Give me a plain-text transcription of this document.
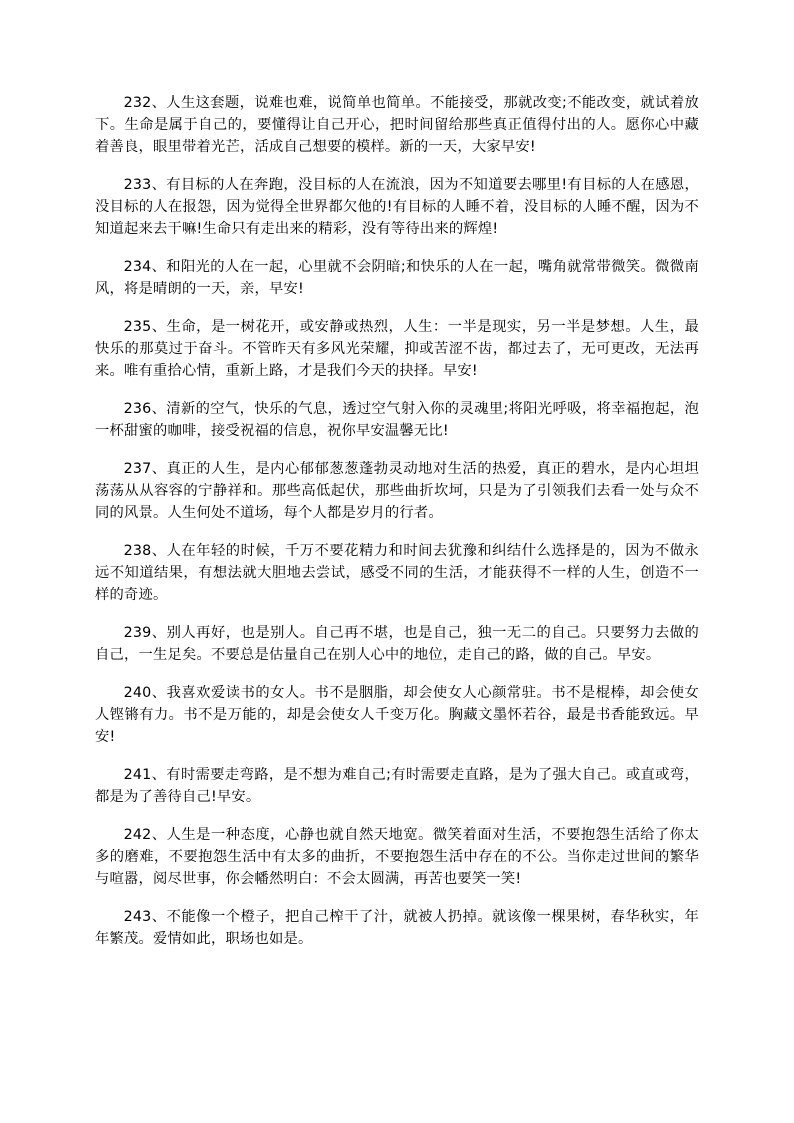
232、人生这套题，说难也难，说简单也简单。不能接受，那就改变;不能改变，就试着放下。生命是属于自己的，要懂得让自己开心，把时间留给那些真正值得付出的人。愿你心中藏着善良，眼里带着光芒，活成自己想要的模样。新的一天，大家早安!

233、有目标的人在奔跑，没目标的人在流浪，因为不知道要去哪里!有目标的人在感恩，没目标的人在报怨，因为觉得全世界都欠他的!有目标的人睡不着，没目标的人睡不醒，因为不知道起来去干嘛!生命只有走出来的精彩，没有等待出来的辉煌!

234、和阳光的人在一起，心里就不会阴暗;和快乐的人在一起，嘴角就常带微笑。微微南风，将是晴朗的一天，亲，早安!

235、生命，是一树花开，或安静或热烈，人生：一半是现实，另一半是梦想。人生，最快乐的那莫过于奋斗。不管昨天有多风光荣耀，抑或苦涩不齿，都过去了，无可更改，无法再来。唯有重拾心情，重新上路，才是我们今天的抉择。早安!

236、清新的空气，快乐的气息，透过空气射入你的灵魂里;将阳光呼吸，将幸福抱起，泡一杯甜蜜的咖啡，接受祝福的信息，祝你早安温馨无比!

237、真正的人生，是内心郁郁葱葱蓬勃灵动地对生活的热爱，真正的碧水，是内心坦坦荡荡从从容容的宁静祥和。那些高低起伏，那些曲折坎坷，只是为了引领我们去看一处与众不同的风景。人生何处不道场，每个人都是岁月的行者。

238、人在年轻的时候，千万不要花精力和时间去犹豫和纠结什么选择是的，因为不做永远不知道结果，有想法就大胆地去尝试，感受不同的生活，才能获得不一样的人生，创造不一样的奇迹。

239、别人再好，也是别人。自己再不堪，也是自己，独一无二的自己。只要努力去做的自己，一生足矣。不要总是估量自己在别人心中的地位，走自己的路，做的自己。早安。

240、我喜欢爱读书的女人。书不是胭脂，却会使女人心颜常驻。书不是棍棒，却会使女人铿锵有力。书不是万能的，却是会使女人千变万化。胸藏文墨怀若谷，最是书香能致远。早安!

241、有时需要走弯路，是不想为难自己;有时需要走直路，是为了强大自己。或直或弯，都是为了善待自己!早安。

242、人生是一种态度，心静也就自然天地宽。微笑着面对生活，不要抱怨生活给了你太多的磨难，不要抱怨生活中有太多的曲折，不要抱怨生活中存在的不公。当你走过世间的繁华与喧嚣，阅尽世事，你会幡然明白：不会太圆满，再苦也要笑一笑!

243、不能像一个橙子，把自己榨干了汁，就被人扔掉。就该像一棵果树，春华秋实，年年繁茂。爱情如此，职场也如是。
